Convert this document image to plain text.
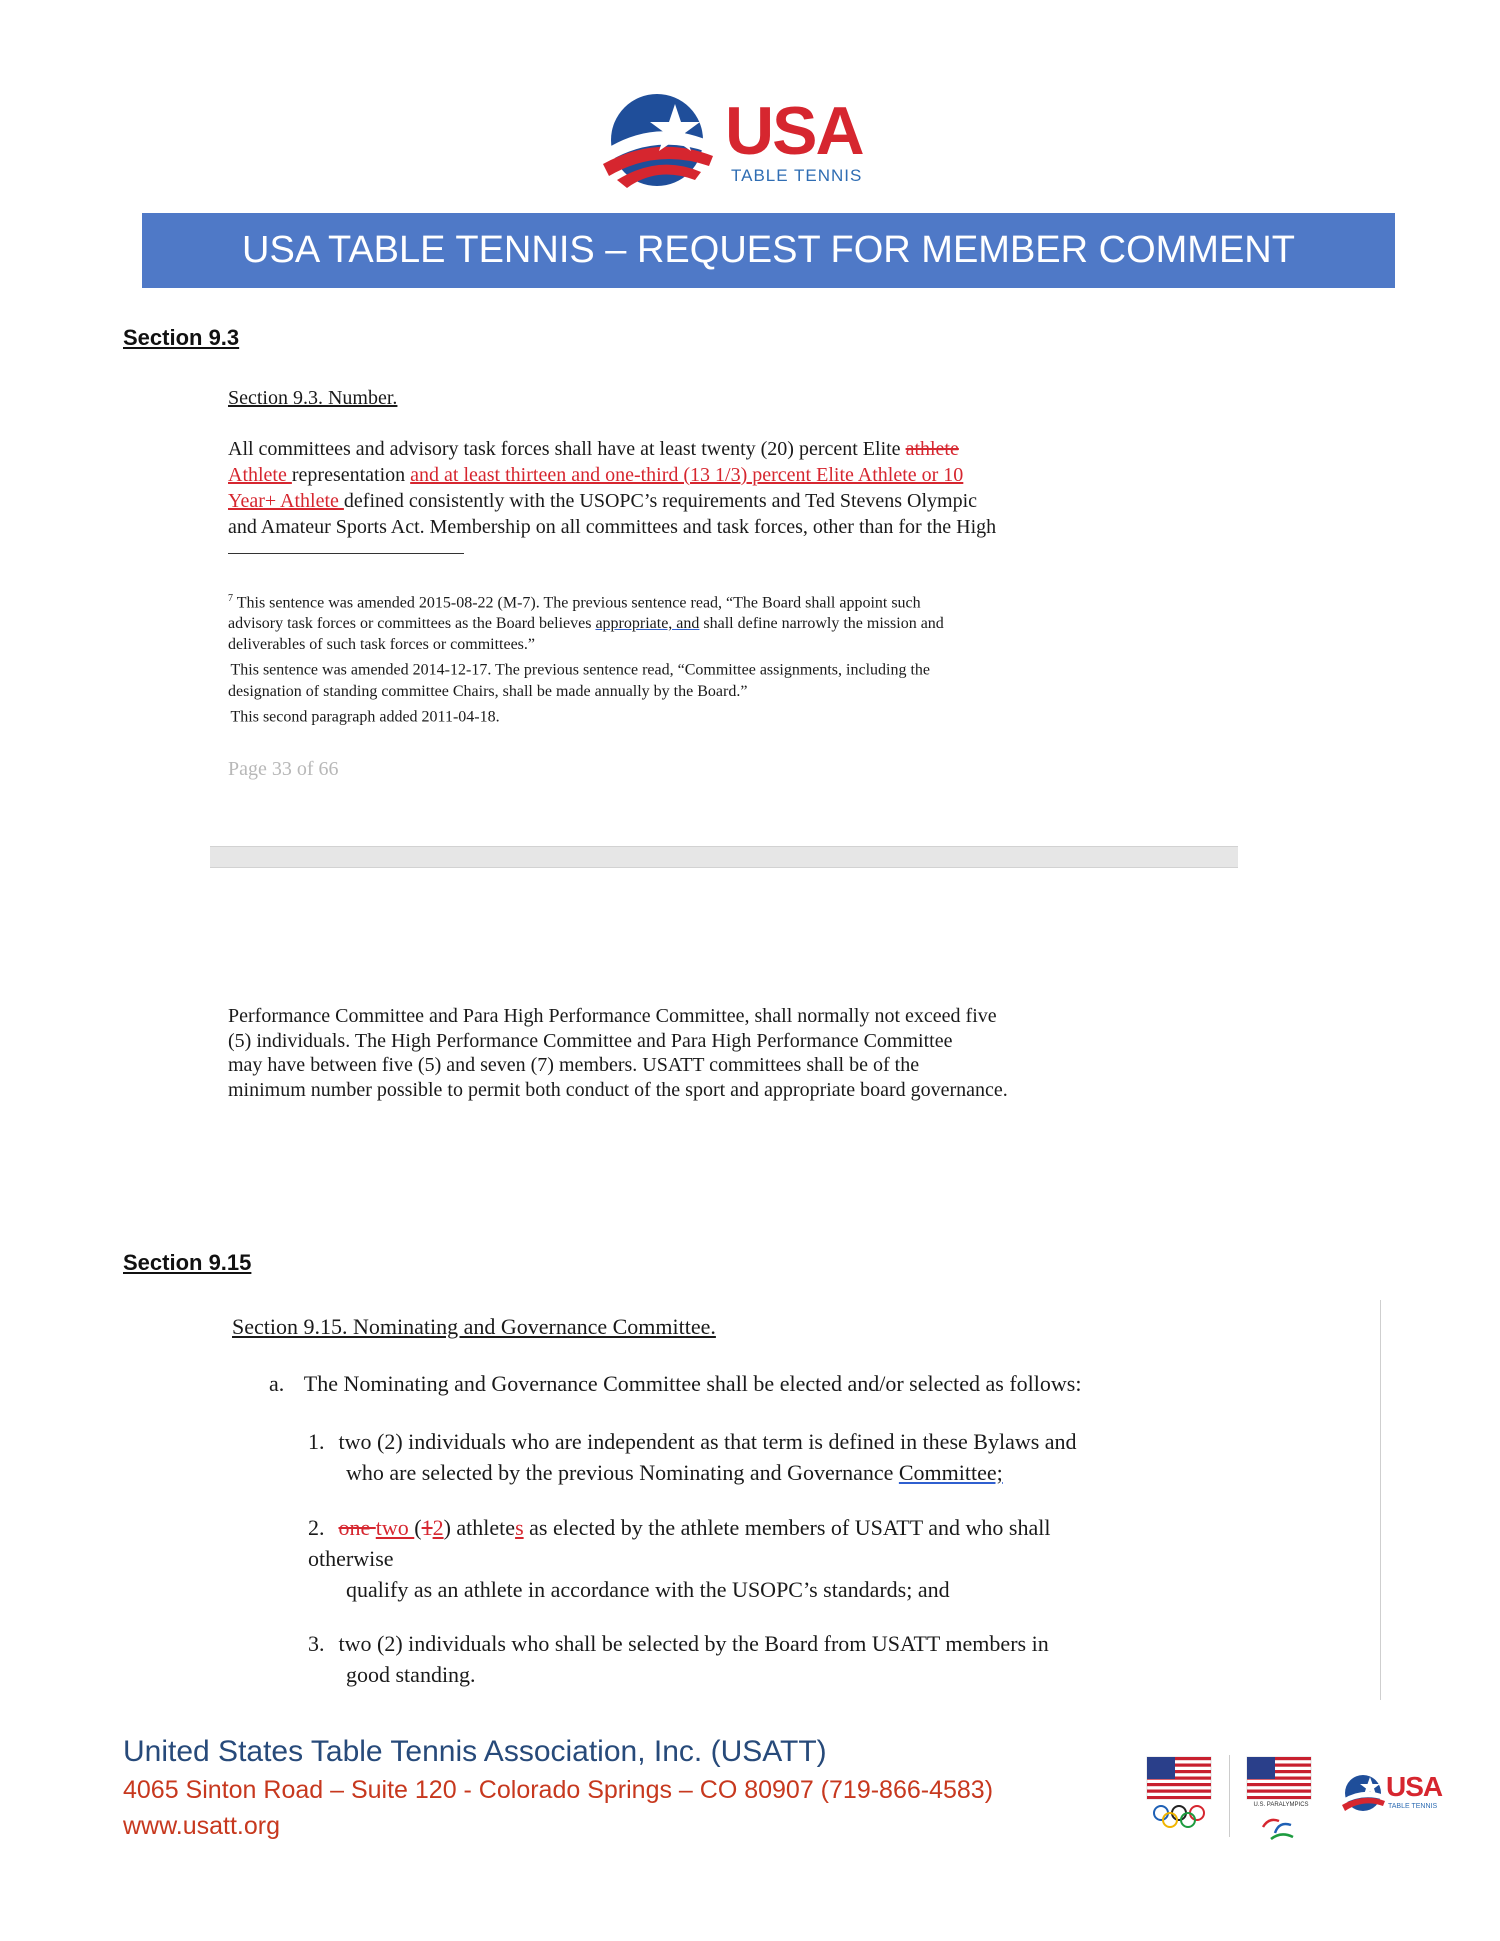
USA
TABLE TENNIS
USA TABLE TENNIS – REQUEST FOR MEMBER COMMENT
Section 9.3
Section 9.3. Number.
All committees and advisory task forces shall have at least twenty (20) percent Elite athlete
Athlete representation and at least thirteen and one-third (13 1/3) percent Elite Athlete or 10
Year+ Athlete defined consistently with the USOPC’s requirements and Ted Stevens Olympic
and Amateur Sports Act. Membership on all committees and task forces, other than for the High
$^7$ This sentence was amended 2015-08-22 (M-7). The previous sentence read, “The Board shall appoint such
advisory task forces or committees as the Board believes appropriate, and shall define narrowly the mission and
deliverables of such task forces or committees.”
This sentence was amended 2014-12-17. The previous sentence read, “Committee assignments, including the
designation of standing committee Chairs, shall be made annually by the Board.”
This second paragraph added 2011-04-18.
Page 33 of 66
Performance Committee and Para High Performance Committee, shall normally not exceed five
(5) individuals. The High Performance Committee and Para High Performance Committee
may have between five (5) and seven (7) members. USATT committees shall be of the
minimum number possible to permit both conduct of the sport and appropriate board governance.
Section 9.15
Section 9.15. Nominating and Governance Committee.
a. The Nominating and Governance Committee shall be elected and/or selected as follows:
1. two (2) individuals who are independent as that term is defined in these Bylaws and
who are selected by the previous Nominating and Governance Committee;
2. one two (12) athletes as elected by the athlete members of USATT and who shall
otherwise
qualify as an athlete in accordance with the USOPC’s standards; and
3. two (2) individuals who shall be selected by the Board from USATT members in
good standing.
United States Table Tennis Association, Inc. (USATT)
4065 Sinton Road – Suite 120 - Colorado Springs – CO 80907 (719-866-4583)
www.usatt.org
U.S. PARALYMPICS
USA
TABLE TENNIS
